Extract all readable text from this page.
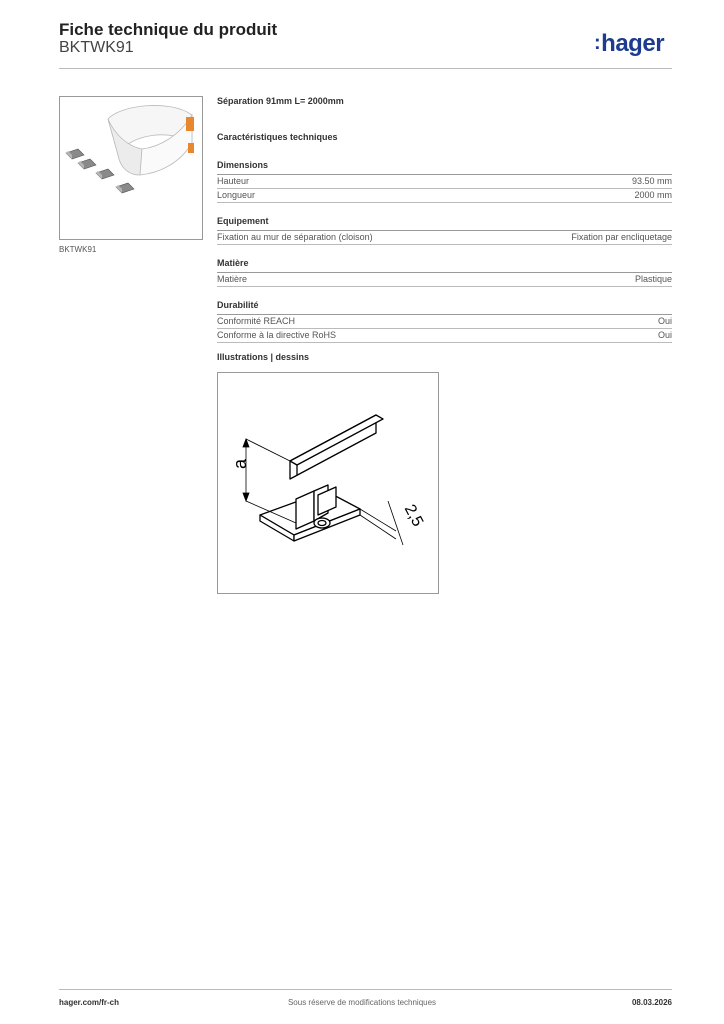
Fiche technique du produit
BKTWK91	:hager
BKTWK91
Séparation 91mm L= 2000mm
Caractéristiques techniques
Dimensions
Hauteur	93.50 mm
Longueur	2000 mm
Equipement
Fixation au mur de séparation (cloison)	Fixation par encliquetage
Matière
Matière	Plastique
Durabilité
Conformité REACH	Oui
Conforme à la directive RoHS	Oui
Illustrations | dessins
a
2,5
hager.com/fr-ch	Sous réserve de modifications techniques	08.03.2026
